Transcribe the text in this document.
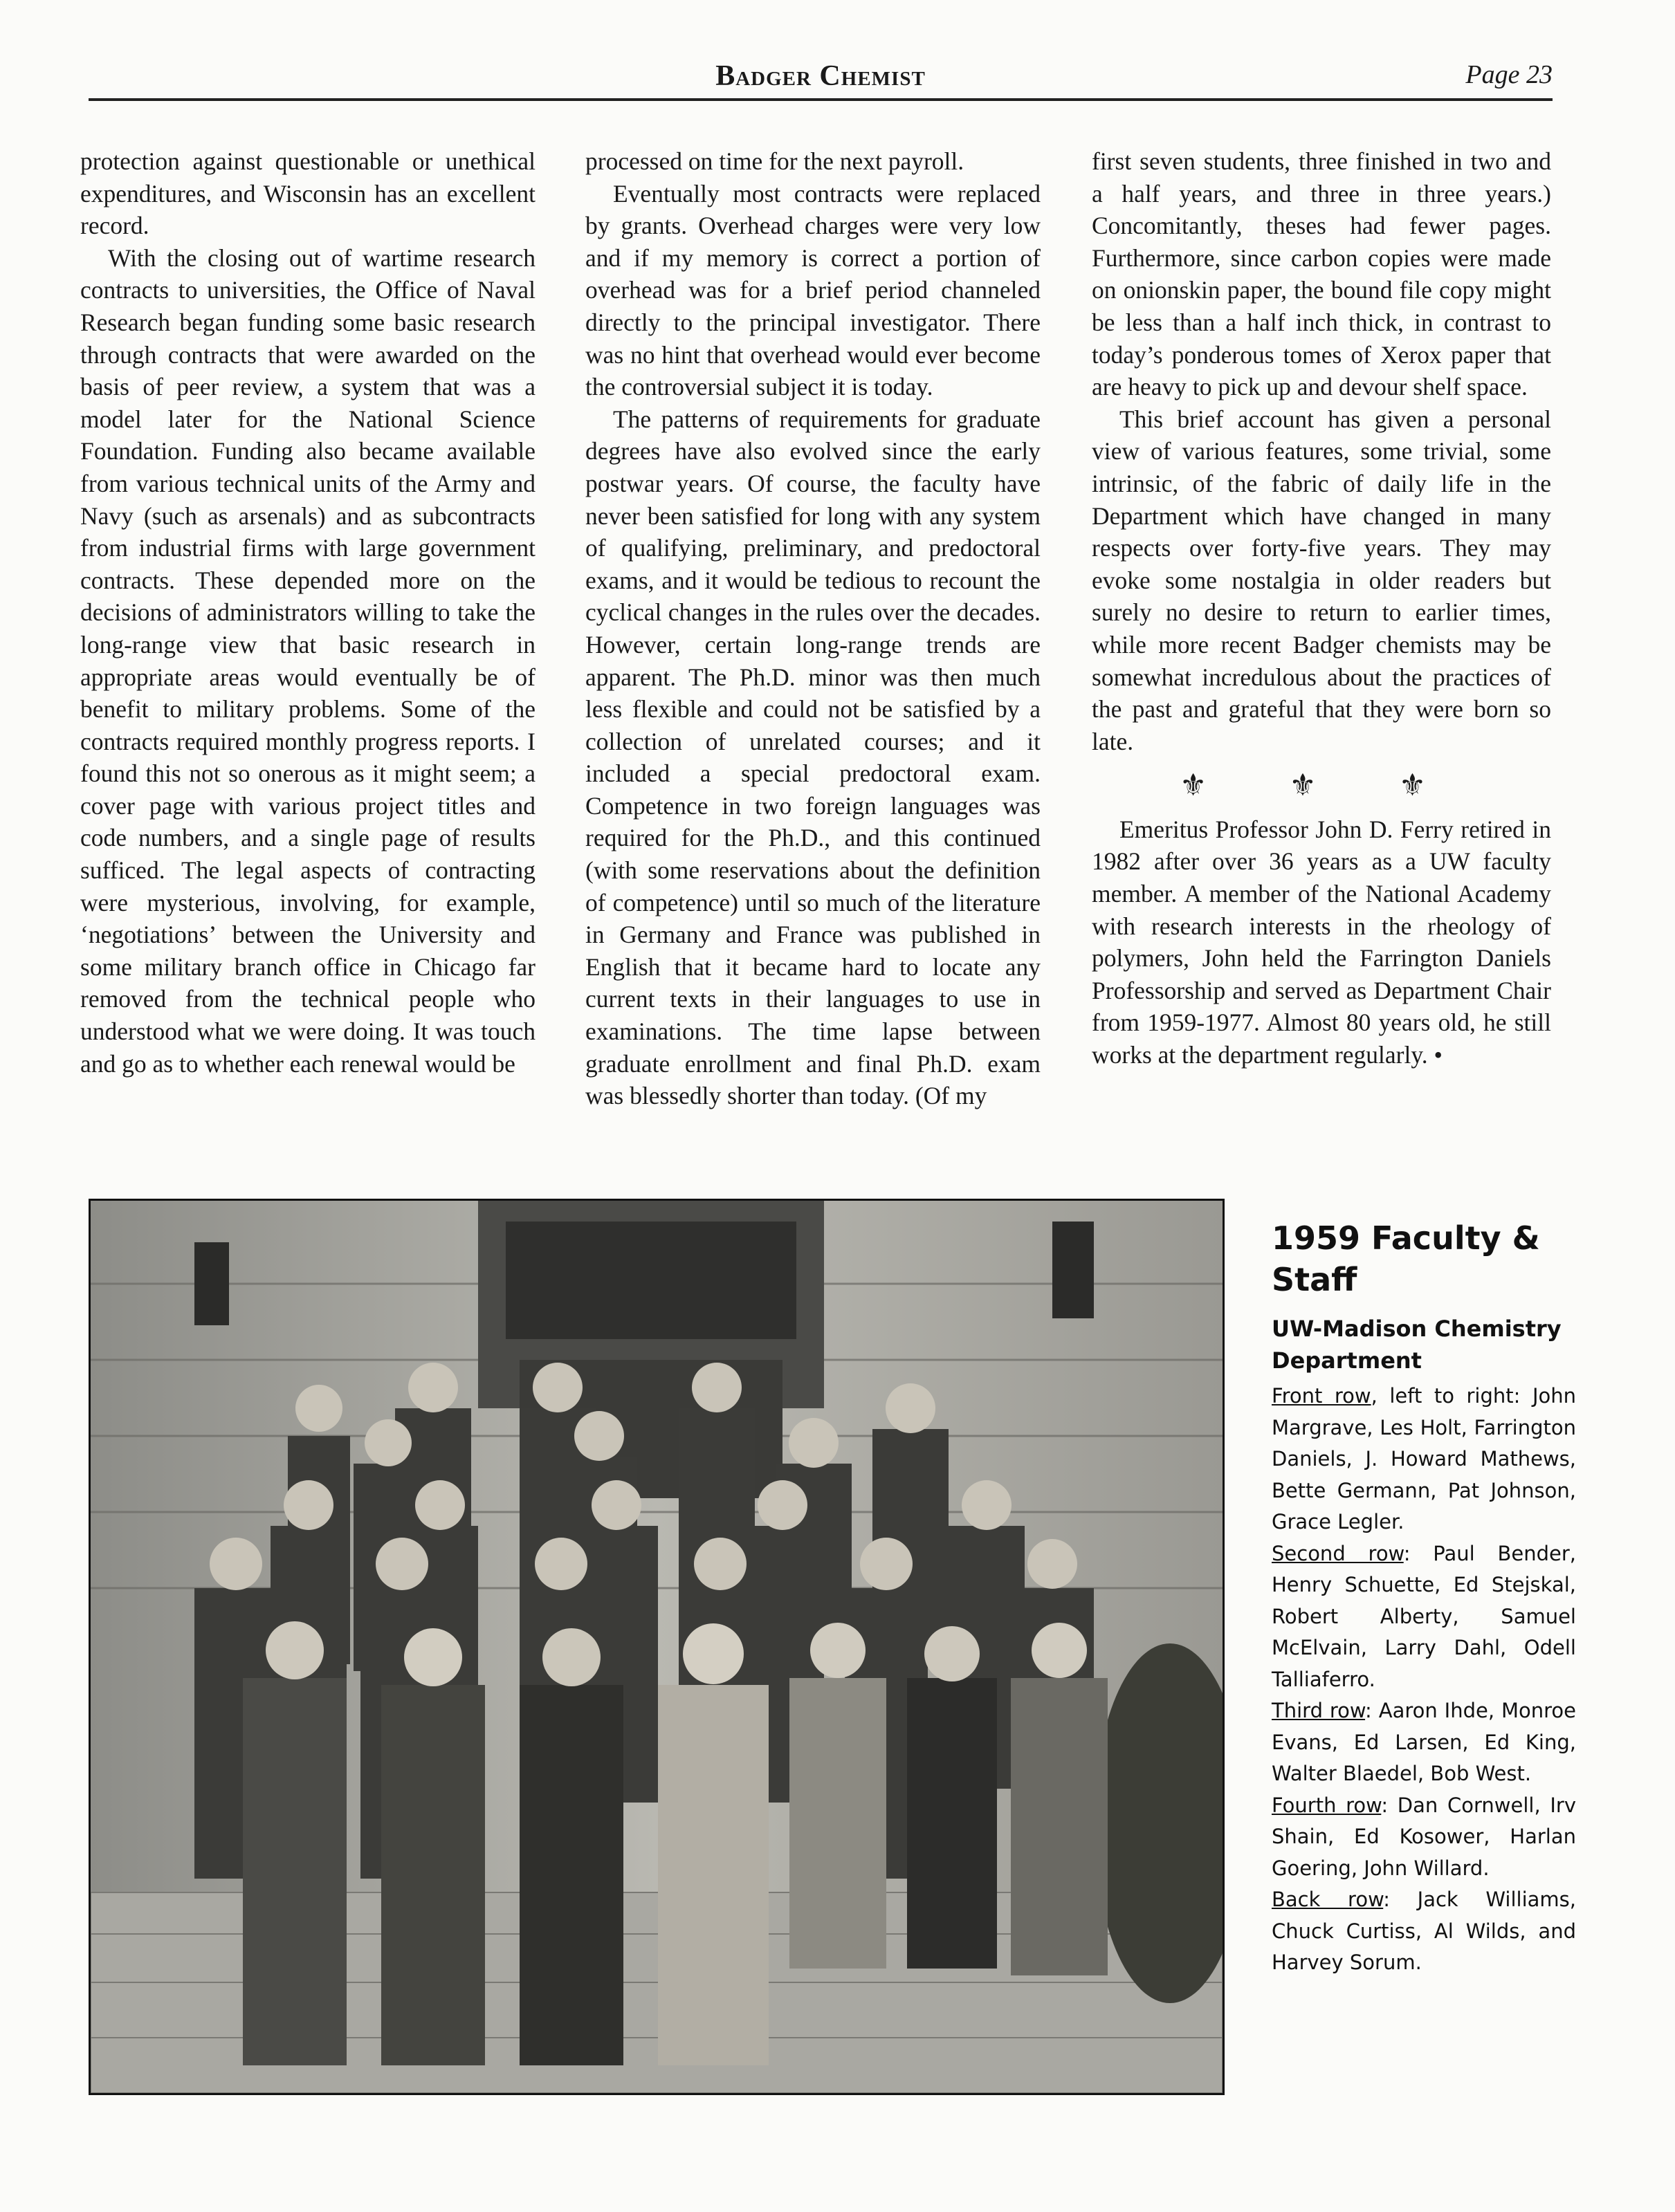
Badger Chemist	Page 23

protection against questionable or unethical expenditures, and Wisconsin has an excellent record.

With the closing out of wartime research contracts to universities, the Office of Naval Research began funding some basic research through contracts that were awarded on the basis of peer review, a system that was a model later for the National Science Foundation. Funding also became available from various technical units of the Army and Navy (such as arsenals) and as subcontracts from industrial firms with large government contracts. These depended more on the decisions of administrators willing to take the long-range view that basic research in appropriate areas would eventually be of benefit to military problems. Some of the contracts required monthly progress reports. I found this not so onerous as it might seem; a cover page with various project titles and code numbers, and a single page of results sufficed. The legal aspects of contracting were mysterious, involving, for example, ‘negotiations’ between the University and some military branch office in Chicago far removed from the technical people who understood what we were doing. It was touch and go as to whether each renewal would be

processed on time for the next payroll.

Eventually most contracts were replaced by grants. Overhead charges were very low and if my memory is correct a portion of overhead was for a brief period channeled directly to the principal investigator. There was no hint that overhead would ever become the controversial subject it is today.

The patterns of requirements for graduate degrees have also evolved since the early postwar years. Of course, the faculty have never been satisfied for long with any system of qualifying, preliminary, and predoctoral exams, and it would be tedious to recount the cyclical changes in the rules over the decades. However, certain long-range trends are apparent. The Ph.D. minor was then much less flexible and could not be satisfied by a collection of unrelated courses; and it included a special predoctoral exam. Competence in two foreign languages was required for the Ph.D., and this continued (with some reservations about the definition of competence) until so much of the literature in Germany and France was published in English that it became hard to locate any current texts in their languages to use in examinations. The time lapse between graduate enrollment and final Ph.D. exam was blessedly shorter than today. (Of my

first seven students, three finished in two and a half years, and three in three years.) Concomitantly, theses had fewer pages. Furthermore, since carbon copies were made on onionskin paper, the bound file copy might be less than a half inch thick, in contrast to today’s ponderous tomes of Xerox paper that are heavy to pick up and devour shelf space.

This brief account has given a personal view of various features, some trivial, some intrinsic, of the fabric of daily life in the Department which have changed in many respects over forty-five years. They may evoke some nostalgia in older readers but surely no desire to return to earlier times, while more recent Badger chemists may be somewhat incredulous about the practices of the past and grateful that they were born so late.

⚜ ⚜ ⚜

Emeritus Professor John D. Ferry retired in 1982 after over 36 years as a UW faculty member. A member of the National Academy with research interests in the rheology of polymers, John held the Farrington Daniels Professorship and served as Department Chair from 1959-1977. Almost 80 years old, he still works at the department regularly. •

1959 Faculty & Staff
UW-Madison Chemistry Department
Front row, left to right: John Margrave, Les Holt, Farrington Daniels, J. Howard Mathews, Bette Germann, Pat Johnson, Grace Legler.
Second row: Paul Bender, Henry Schuette, Ed Stejskal, Robert Alberty, Samuel McElvain, Larry Dahl, Odell Talliaferro.
Third row: Aaron Ihde, Monroe Evans, Ed Larsen, Ed King, Walter Blaedel, Bob West.
Fourth row: Dan Cornwell, Irv Shain, Ed Kosower, Harlan Goering, John Willard.
Back row: Jack Williams, Chuck Curtiss, Al Wilds, and Harvey Sorum.
